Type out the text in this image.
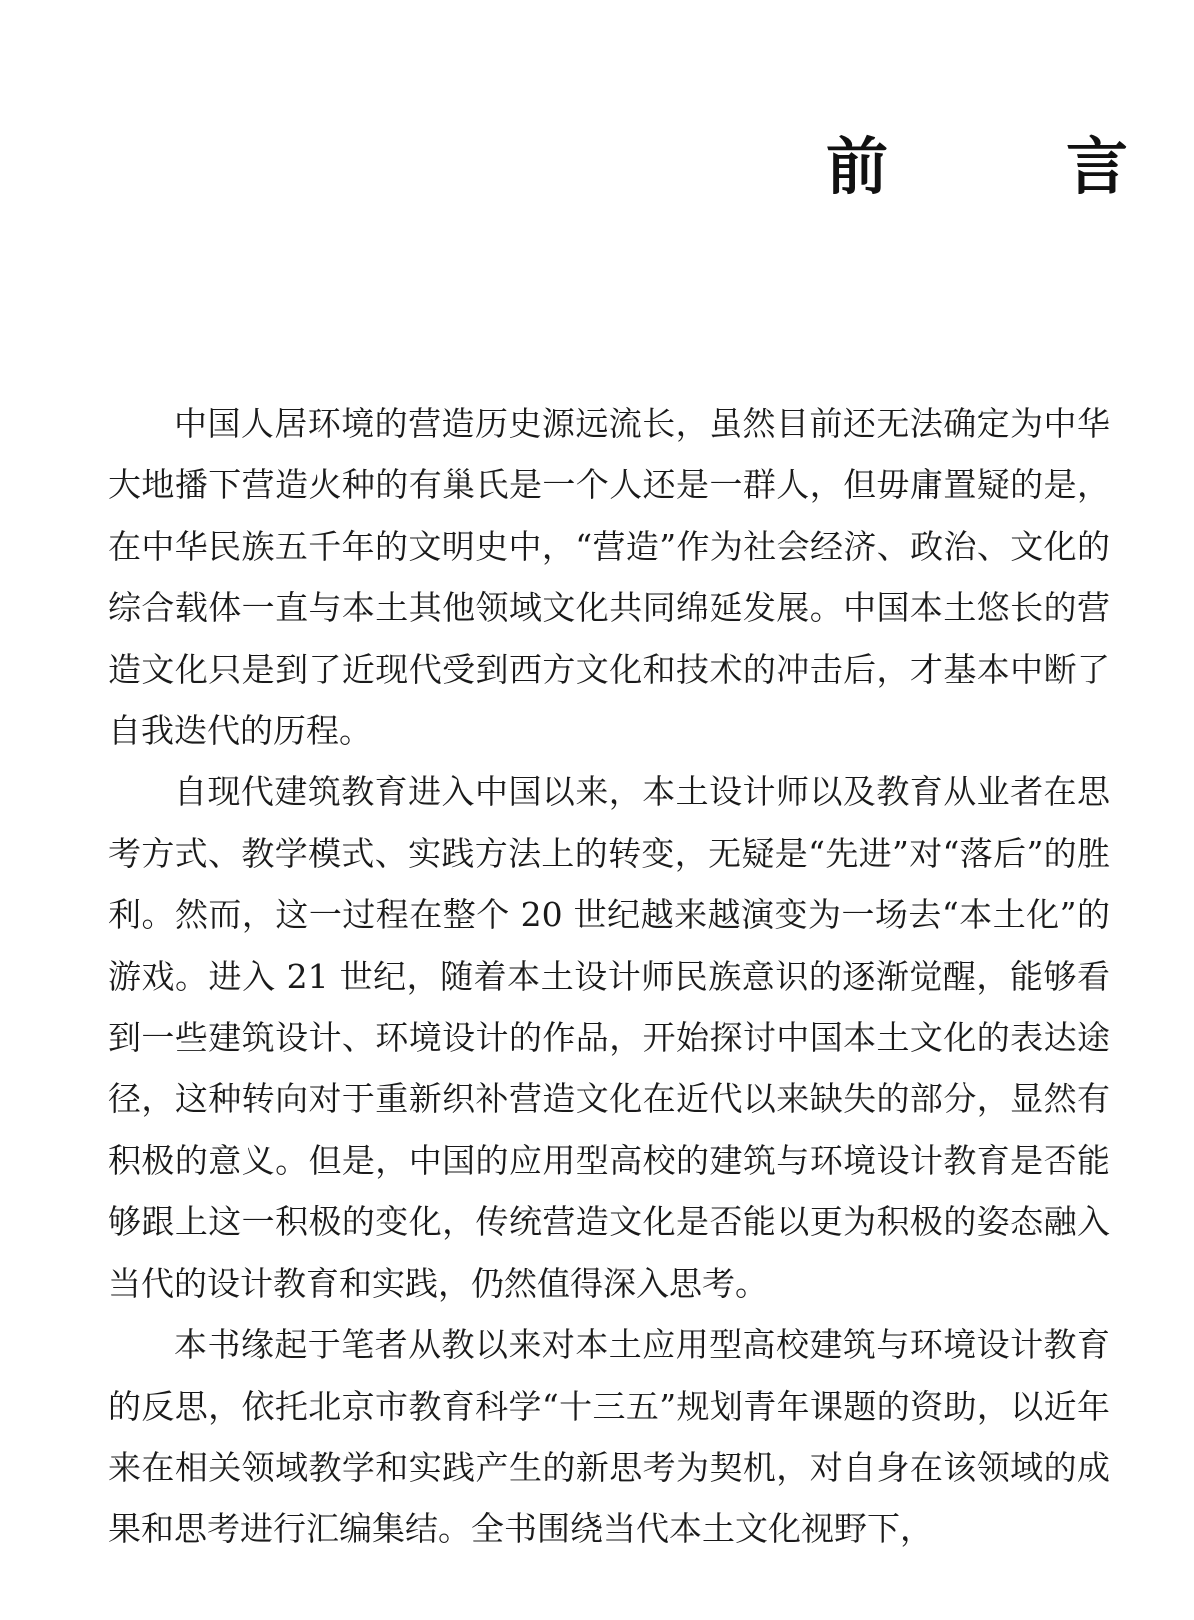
前　言

中国人居环境的营造历史源远流长，虽然目前还无法确定为中华大地播下营造火种的有巢氏是一个人还是一群人，但毋庸置疑的是，在中华民族五千年的文明史中，“营造”作为社会经济、政治、文化的综合载体一直与本土其他领域文化共同绵延发展。中国本土悠长的营造文化只是到了近现代受到西方文化和技术的冲击后，才基本中断了自我迭代的历程。

自现代建筑教育进入中国以来，本土设计师以及教育从业者在思考方式、教学模式、实践方法上的转变，无疑是“先进”对“落后”的胜利。然而，这一过程在整个 20 世纪越来越演变为一场去“本土化”的游戏。进入 21 世纪，随着本土设计师民族意识的逐渐觉醒，能够看到一些建筑设计、环境设计的作品，开始探讨中国本土文化的表达途径，这种转向对于重新织补营造文化在近代以来缺失的部分，显然有积极的意义。但是，中国的应用型高校的建筑与环境设计教育是否能够跟上这一积极的变化，传统营造文化是否能以更为积极的姿态融入当代的设计教育和实践，仍然值得深入思考。

本书缘起于笔者从教以来对本土应用型高校建筑与环境设计教育的反思，依托北京市教育科学“十三五”规划青年课题的资助，以近年来在相关领域教学和实践产生的新思考为契机，对自身在该领域的成果和思考进行汇编集结。全书围绕当代本土文化视野下，
